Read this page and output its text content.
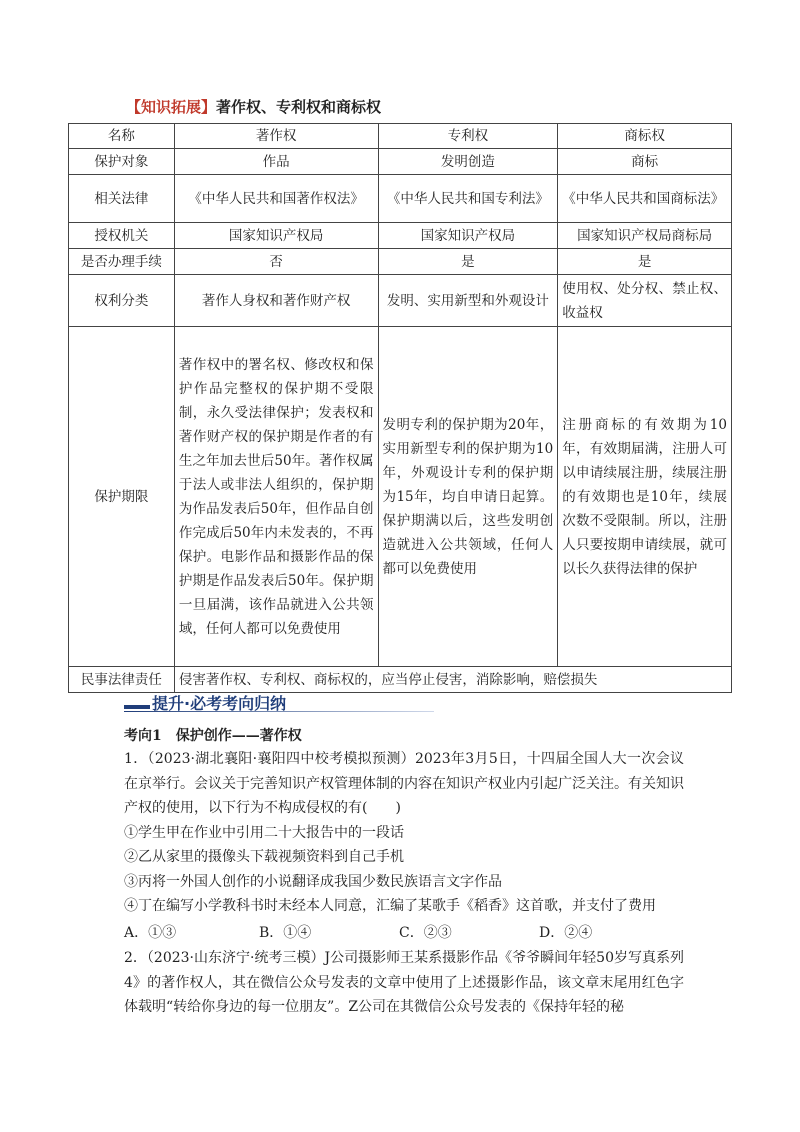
【知识拓展】著作权、专利权和商标权
名称	著作权	专利权	商标权
保护对象	作品	发明创造	商标
相关法律	《中华人民共和国著作权法》	《中华人民共和国专利法》	《中华人民共和国商标法》
授权机关	国家知识产权局	国家知识产权局	国家知识产权局商标局
是否办理手续	否	是	是
权利分类	著作人身权和著作财产权	发明、实用新型和外观设计	使用权、处分权、禁止权、收益权
保护期限	著作权中的署名权、修改权和保护作品完整权的保护期不受限制，永久受法律保护；发表权和著作财产权的保护期是作者的有生之年加去世后50年。著作权属于法人或非法人组织的，保护期为作品发表后50年，但作品自创作完成后50年内未发表的，不再保护。电影作品和摄影作品的保护期是作品发表后50年。保护期一旦届满，该作品就进入公共领域，任何人都可以免费使用	发明专利的保护期为20年，实用新型专利的保护期为10年，外观设计专利的保护期为15年，均自申请日起算。保护期满以后，这些发明创造就进入公共领域，任何人都可以免费使用	注册商标的有效期为10年，有效期届满，注册人可以申请续展注册，续展注册的有效期也是10年，续展次数不受限制。所以，注册人只要按期申请续展，就可以长久获得法律的保护
民事法律责任	侵害著作权、专利权、商标权的，应当停止侵害，消除影响，赔偿损失		
提升·必考考向归纳
考向1　保护创作——著作权

1．（2023·湖北襄阳·襄阳四中校考模拟预测）2023年3月5日，十四届全国人大一次会议在京举行。会议关于完善知识产权管理体制的内容在知识产权业内引起广泛关注。有关知识产权的使用，以下行为不构成侵权的有(　　)

①学生甲在作业中引用二十大报告中的一段话

②乙从家里的摄像头下载视频资料到自己手机

③丙将一外国人创作的小说翻译成我国少数民族语言文字作品

④丁在编写小学教科书时未经本人同意，汇编了某歌手《稻香》这首歌，并支付了费用

A．①③	B．①④	C．②③	D．②④

2．（2023·山东济宁·统考三模）J公司摄影师王某系摄影作品《爷爷瞬间年轻50岁写真系列4》的著作权人，其在微信公众号发表的文章中使用了上述摄影作品，该文章末尾用红色字体载明“转给你身边的每一位朋友”。Z公司在其微信公众号发表的《保持年轻的秘
